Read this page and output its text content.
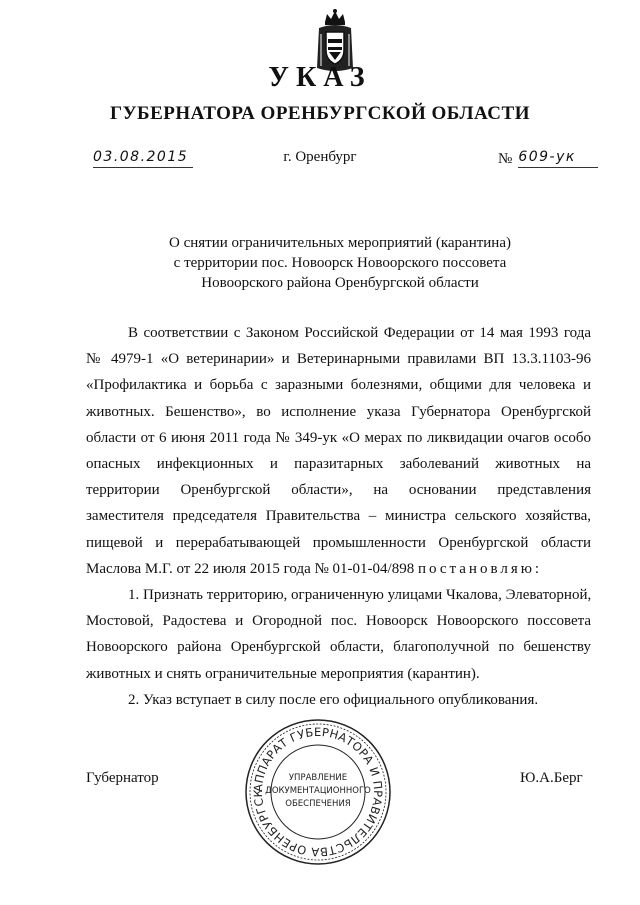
УКАЗ
ГУБЕРНАТОРА ОРЕНБУРГСКОЙ ОБЛАСТИ
03.08.2015	г. Оренбург	№ 609-ук
О снятии ограничительных мероприятий (карантина)
с территории пос. Новоорск Новоорского поссовета
Новоорского района Оренбургской области
В соответствии с Законом Российской Федерации от 14 мая 1993 года
№ 4979-1 «О ветеринарии» и Ветеринарными правилами ВП 13.3.1103-96
«Профилактика и борьба с заразными болезнями, общими для человека и
животных. Бешенство», во исполнение указа Губернатора Оренбургской
области от 6 июня 2011 года № 349-ук «О мерах по ликвидации очагов особо
опасных инфекционных и паразитарных заболеваний животных на
территории Оренбургской области», на основании представления
заместителя председателя Правительства – министра сельского хозяйства,
пищевой и перерабатывающей промышленности Оренбургской области
Маслова М.Г. от 22 июля 2015 года № 01-01-04/898 постановляю:
1. Признать территорию, ограниченную улицами Чкалова, Элеваторной,
Мостовой, Радостева и Огородной пос. Новоорск Новоорского поссовета
Новоорского района Оренбургской области, благополучной по бешенству
животных и снять ограничительные мероприятия (карантин).
2. Указ вступает в силу после его официального опубликования.
Губернатор	Ю.А.Берг
АППАРАТ ГУБЕРНАТОРА И ПРАВИТЕЛЬСТВА ОРЕНБУРГСК
УПРАВЛЕНИЕ
ДОКУМЕНТАЦИОННОГО
ОБЕСПЕЧЕНИЯ
